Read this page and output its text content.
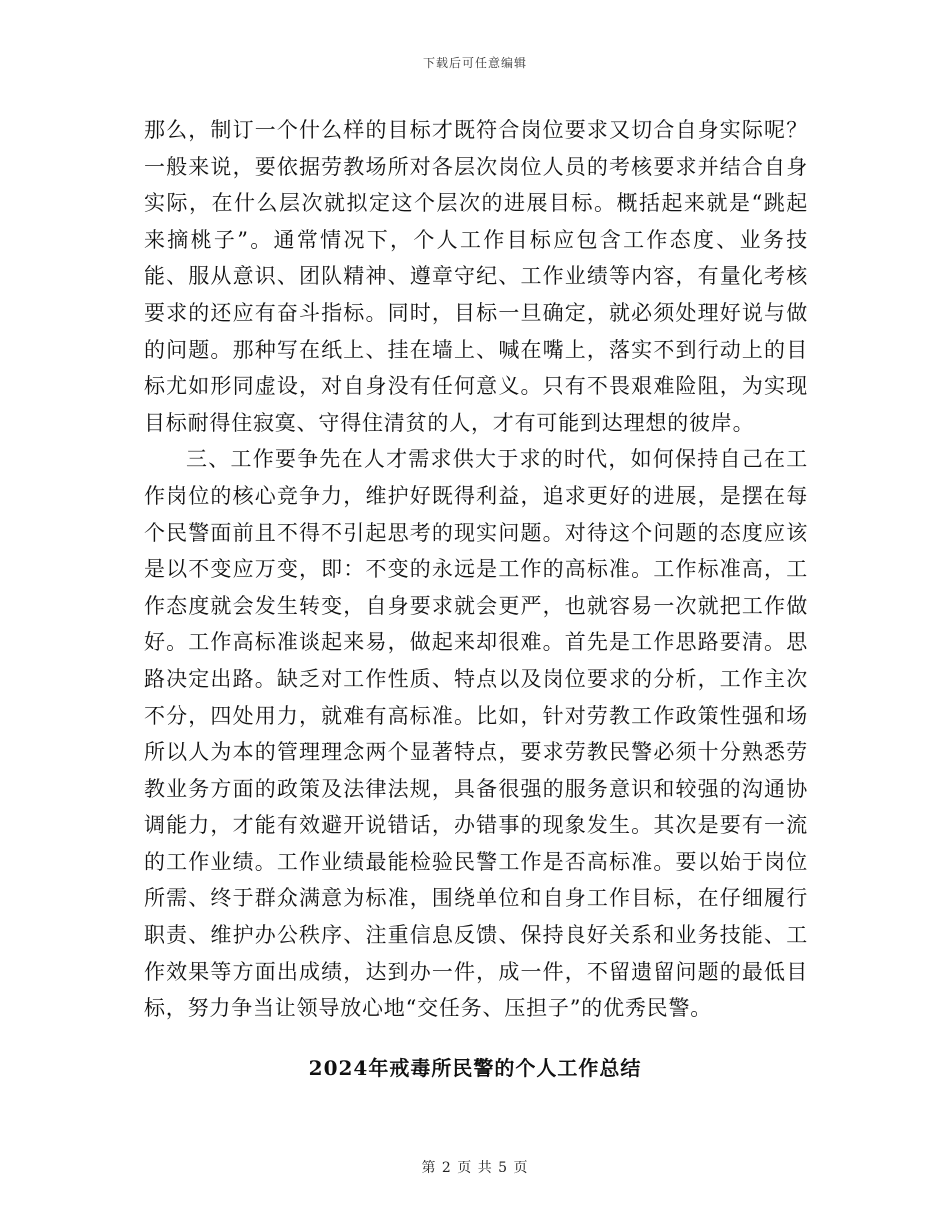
下载后可任意编辑

那么，制订一个什么样的目标才既符合岗位要求又切合自身实际呢？一般来说，要依据劳教场所对各层次岗位人员的考核要求并结合自身实际，在什么层次就拟定这个层次的进展目标。概括起来就是“跳起来摘桃子”。通常情况下，个人工作目标应包含工作态度、业务技能、服从意识、团队精神、遵章守纪、工作业绩等内容，有量化考核要求的还应有奋斗指标。同时，目标一旦确定，就必须处理好说与做的问题。那种写在纸上、挂在墙上、喊在嘴上，落实不到行动上的目标尤如形同虚设，对自身没有任何意义。只有不畏艰难险阻，为实现目标耐得住寂寞、守得住清贫的人，才有可能到达理想的彼岸。

三、工作要争先在人才需求供大于求的时代，如何保持自己在工作岗位的核心竞争力，维护好既得利益，追求更好的进展，是摆在每个民警面前且不得不引起思考的现实问题。对待这个问题的态度应该是以不变应万变，即：不变的永远是工作的高标准。工作标准高，工作态度就会发生转变，自身要求就会更严，也就容易一次就把工作做好。工作高标准谈起来易，做起来却很难。首先是工作思路要清。思路决定出路。缺乏对工作性质、特点以及岗位要求的分析，工作主次不分，四处用力，就难有高标准。比如，针对劳教工作政策性强和场所以人为本的管理理念两个显著特点，要求劳教民警必须十分熟悉劳教业务方面的政策及法律法规，具备很强的服务意识和较强的沟通协调能力，才能有效避开说错话，办错事的现象发生。其次是要有一流的工作业绩。工作业绩最能检验民警工作是否高标准。要以始于岗位所需、终于群众满意为标准，围绕单位和自身工作目标，在仔细履行职责、维护办公秩序、注重信息反馈、保持良好关系和业务技能、工作效果等方面出成绩，达到办一件，成一件，不留遗留问题的最低目标，努力争当让领导放心地“交任务、压担子”的优秀民警。

2024年戒毒所民警的个人工作总结
第 2 页 共 5 页
